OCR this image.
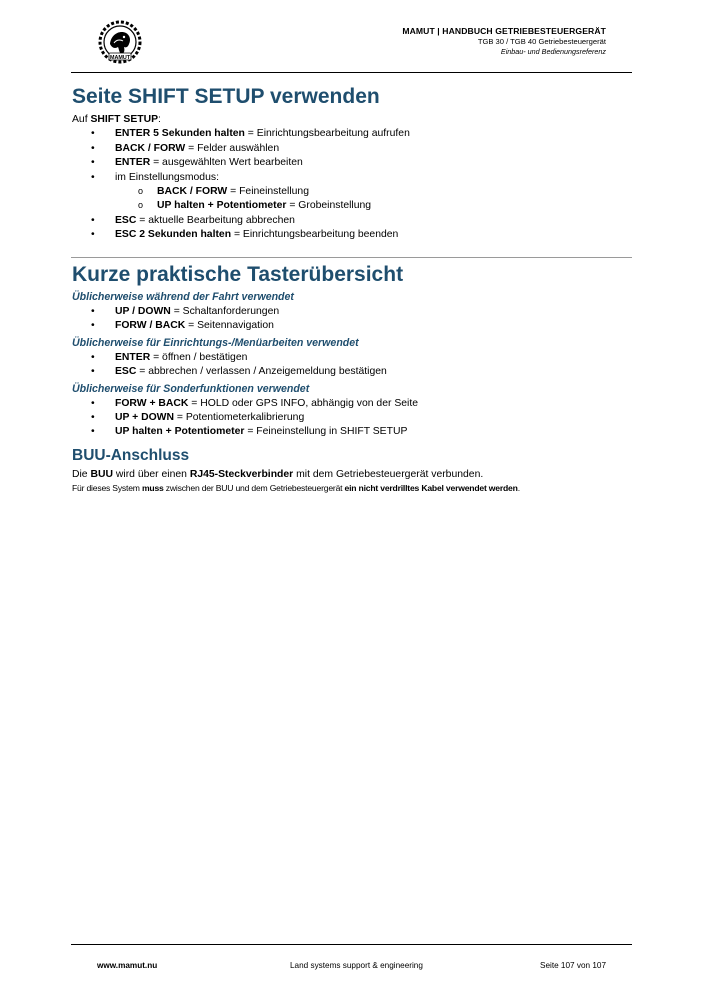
MAMUT
MAMUT | HANDBUCH GETRIEBESTEUERGERÄT
TGB 30 / TGB 40 Getriebesteuergerät
Einbau- und Bedienungsreferenz
Seite SHIFT SETUP verwenden

Auf SHIFT SETUP:

• ENTER 5 Sekunden halten = Einrichtungsbearbeitung aufrufen
• BACK / FORW = Felder auswählen
• ENTER = ausgewählten Wert bearbeiten
• im Einstellungsmodus:
o BACK / FORW = Feineinstellung
o UP halten + Potentiometer = Grobeinstellung
• ESC = aktuelle Bearbeitung abbrechen
• ESC 2 Sekunden halten = Einrichtungsbearbeitung beenden
Kurze praktische Tasterübersicht
Üblicherweise während der Fahrt verwendet
• UP / DOWN = Schaltanforderungen
• FORW / BACK = Seitennavigation
Üblicherweise für Einrichtungs-/Menüarbeiten verwendet
• ENTER = öffnen / bestätigen
• ESC = abbrechen / verlassen / Anzeigemeldung bestätigen
Üblicherweise für Sonderfunktionen verwendet
• FORW + BACK = HOLD oder GPS INFO, abhängig von der Seite
• UP + DOWN = Potentiometerkalibrierung
• UP halten + Potentiometer = Feineinstellung in SHIFT SETUP
BUU-Anschluss

Die BUU wird über einen RJ45-Steckverbinder mit dem Getriebesteuergerät verbunden.

Für dieses System muss zwischen der BUU und dem Getriebesteuergerät ein nicht verdrilltes Kabel verwendet werden.

www.mamut.nu	Land systems support & engineering	Seite 107 von 107
